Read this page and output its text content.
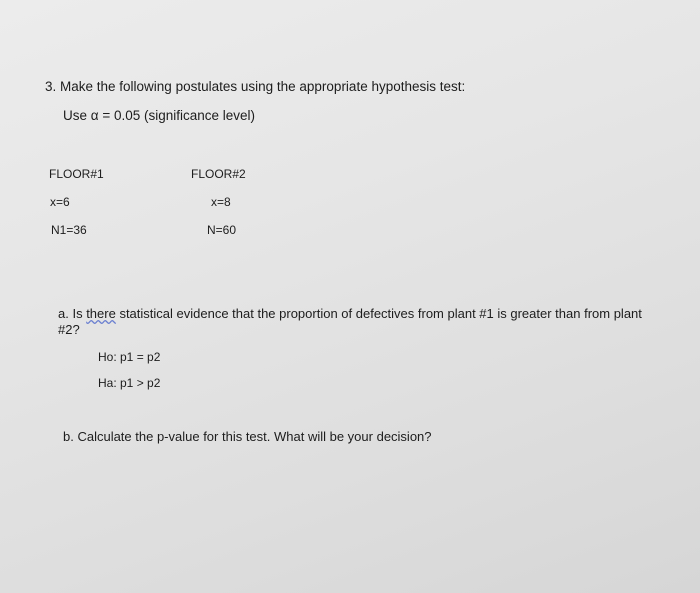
3. Make the following postulates using the appropriate hypothesis test:
Use α = 0.05 (significance level)
FLOOR#1
x=6
N1=36
FLOOR#2
x=8
N=60
a. Is there statistical evidence that the proportion of defectives from plant #1 is greater than from plant
#2?
Ho: p1 = p2
Ha: p1 > p2
b. Calculate the p-value for this test. What will be your decision?
